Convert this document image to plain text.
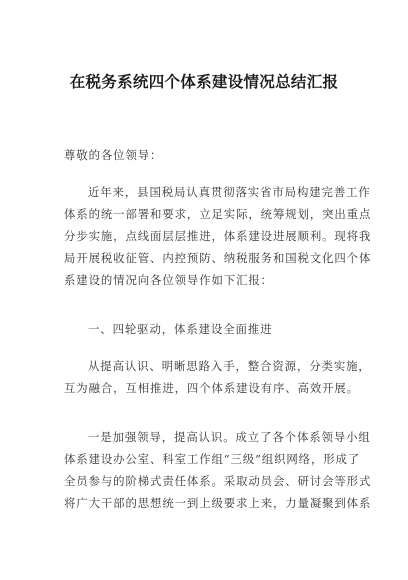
在税务系统四个体系建设情况总结汇报
尊敬的各位领导：
近年来，县国税局认真贯彻落实省市局构建完善工作
体系的统一部署和要求，立足实际，统筹规划，突出重点
分步实施，点线面层层推进，体系建设进展顺利。现将我
局开展税收征管、内控预防、纳税服务和国税文化四个体
系建设的情况向各位领导作如下汇报：
一、四轮驱动，体系建设全面推进
从提高认识、明晰思路入手，整合资源，分类实施，
互为融合，互相推进，四个体系建设有序、高效开展。
一是加强领导，提高认识。成立了各个体系领导小组
体系建设办公室、科室工作组“三级”组织网络，形成了
全员参与的阶梯式责任体系。采取动员会、研讨会等形式
将广大干部的思想统一到上级要求上来，力量凝聚到体系
